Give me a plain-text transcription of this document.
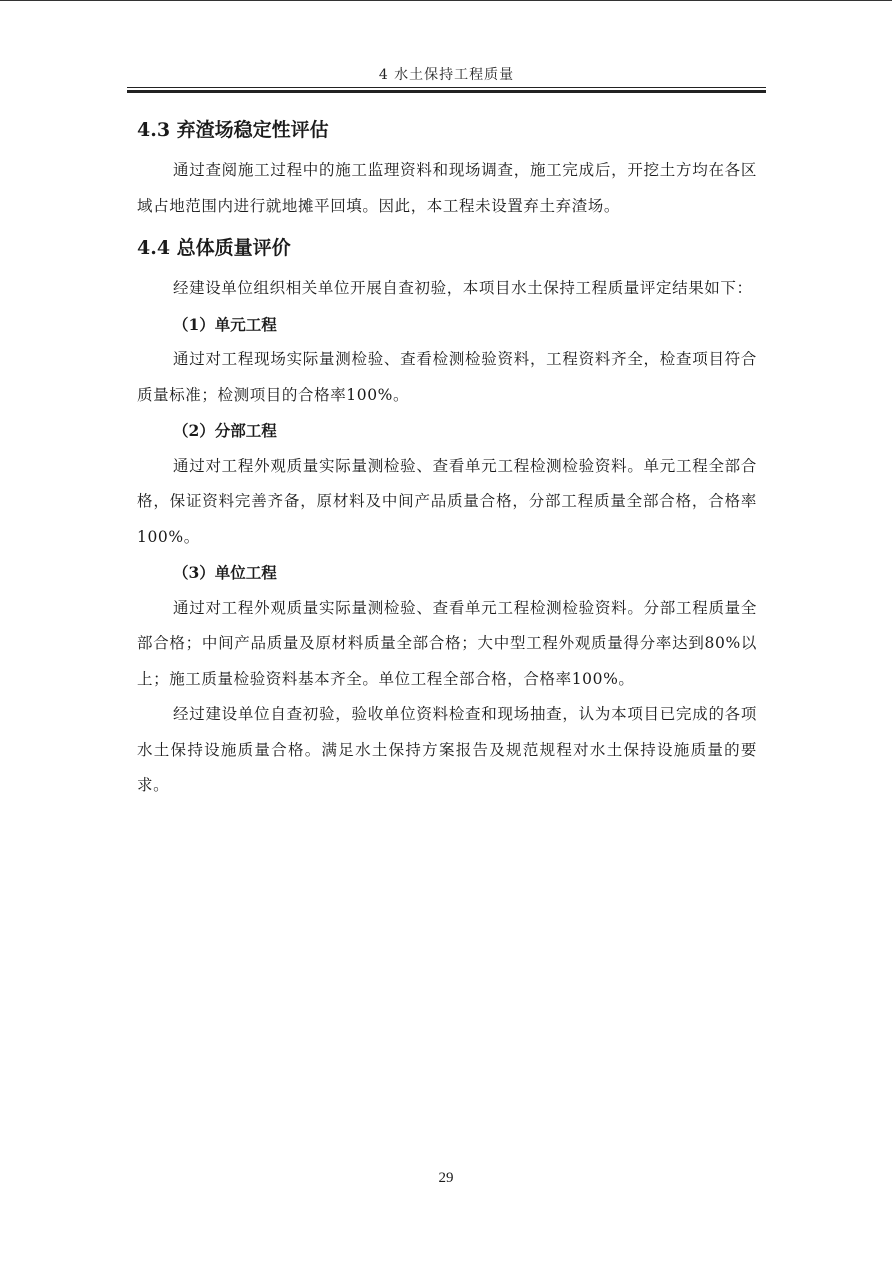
4 水土保持工程质量
4.3 弃渣场稳定性评估

通过查阅施工过程中的施工监理资料和现场调查，施工完成后，开挖土方均在各区域占地范围内进行就地摊平回填。因此，本工程未设置弃土弃渣场。

4.4 总体质量评价

经建设单位组织相关单位开展自查初验，本项目水土保持工程质量评定结果如下：

（1）单元工程

通过对工程现场实际量测检验、查看检测检验资料，工程资料齐全，检查项目符合质量标准；检测项目的合格率100%。

（2）分部工程

通过对工程外观质量实际量测检验、查看单元工程检测检验资料。单元工程全部合格，保证资料完善齐备，原材料及中间产品质量合格，分部工程质量全部合格，合格率100%。

（3）单位工程

通过对工程外观质量实际量测检验、查看单元工程检测检验资料。分部工程质量全部合格；中间产品质量及原材料质量全部合格；大中型工程外观质量得分率达到80%以上；施工质量检验资料基本齐全。单位工程全部合格，合格率100%。

经过建设单位自查初验，验收单位资料检查和现场抽查，认为本项目已完成的各项水土保持设施质量合格。满足水土保持方案报告及规范规程对水土保持设施质量的要求。

29
